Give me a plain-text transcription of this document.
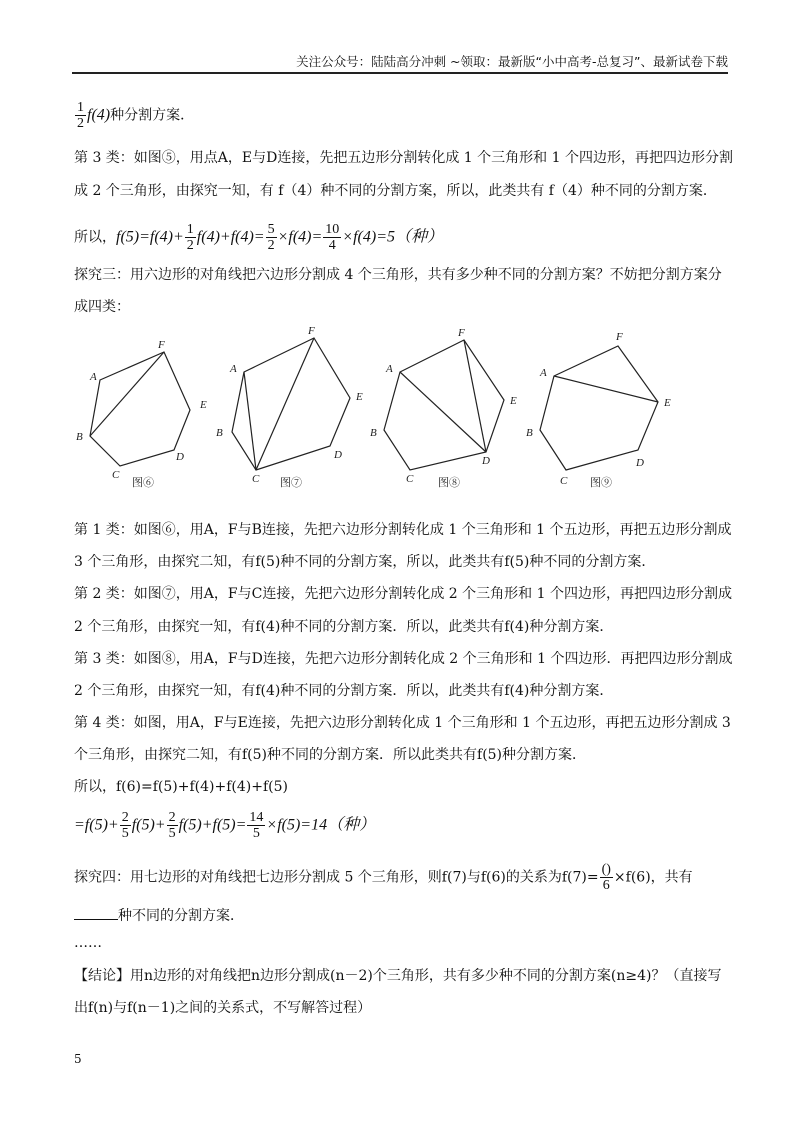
关注公众号：陆陆高分冲刺 ~领取：最新版“小中高考-总复习”、最新试卷下载
$\frac{1}{2} f(4)$种分割方案．
第 3 类：如图⑤，用点A，E与D连接，先把五边形分割转化成 1 个三角形和 1 个四边形，再把四边形分割
成 2 个三角形，由探究一知，有 f（4）种不同的分割方案，所以，此类共有 f（4）种不同的分割方案．
所以，$f(5)=f(4)+ \frac{1}{2} f(4)+f(4)= \frac{5}{2} \times f(4)= \frac{10}{4} \times f(4)=5$（种）
探究三：用六边形的对角线把六边形分割成 4 个三角形，共有多少种不同的分割方案？不妨把分割方案分
成四类：
A
F
E
D
C
B
图⑥
A
F
E
D
C
B
图⑦
A
F
E
D
C
B
图⑧
A
F
E
D
C
B
图⑨
第 1 类：如图⑥，用A，F与B连接，先把六边形分割转化成 1 个三角形和 1 个五边形，再把五边形分割成
3 个三角形，由探究二知，有f(5)种不同的分割方案，所以，此类共有f(5)种不同的分割方案．
第 2 类：如图⑦，用A，F与C连接，先把六边形分割转化成 2 个三角形和 1 个四边形，再把四边形分割成
2 个三角形，由探究一知，有f(4)种不同的分割方案．所以，此类共有f(4)种分割方案．
第 3 类：如图⑧，用A，F与D连接，先把六边形分割转化成 2 个三角形和 1 个四边形．再把四边形分割成
2 个三角形，由探究一知，有f(4)种不同的分割方案．所以，此类共有f(4)种分割方案．
第 4 类：如图，用A，F与E连接，先把六边形分割转化成 1 个三角形和 1 个五边形，再把五边形分割成 3
个三角形，由探究二知，有f(5)种不同的分割方案．所以此类共有f(5)种分割方案．
所以，f(6)=f(5)+f(4)+f(4)+f(5)
$=f(5)+ \frac{2}{5} f(5)+ \frac{2}{5} f(5)+f(5)= \frac{14}{5} \times f(5)=14$（种）
探究四：用七边形的对角线把七边形分割成 5 个三角形，则f(7)与f(6)的关系为$f(7)= \frac{()}{6} \times f(6)$，共有
种不同的分割方案．
……
【结论】用n边形的对角线把n边形分割成(n－2)个三角形，共有多少种不同的分割方案(n≥4)？（直接写
出f(n)与f(n－1)之间的关系式，不写解答过程）
5
